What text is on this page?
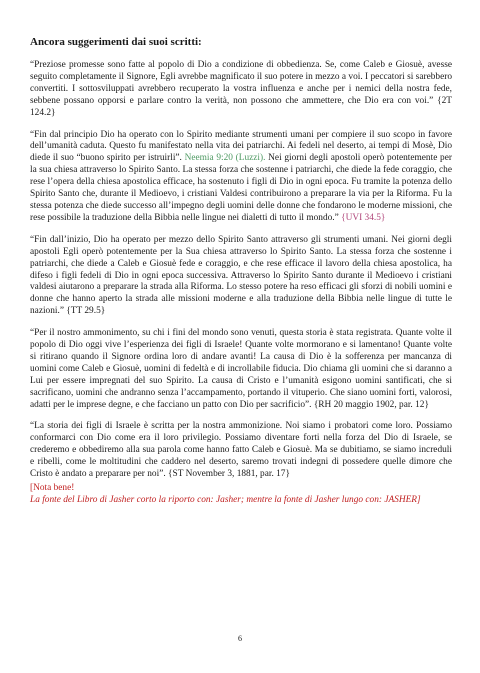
Ancora suggerimenti dai suoi scritti:

“Preziose promesse sono fatte al popolo di Dio a condizione di obbedienza. Se, come Caleb e Giosuè, avesse seguito completamente il Signore, Egli avrebbe magnificato il suo potere in mezzo a voi. I peccatori si sarebbero convertiti. I sottosviluppati avrebbero recuperato la vostra influenza e anche per i nemici della nostra fede, sebbene possano opporsi e parlare contro la verità, non possono che ammettere, che Dio era con voi.” {2T 124.2}

“Fin dal principio Dio ha operato con lo Spirito mediante strumenti umani per compiere il suo scopo in favore dell’umanità caduta. Questo fu manifestato nella vita dei patriarchi. Ai fedeli nel deserto, ai tempi di Mosè, Dio diede il suo “buono spirito per istruirli”. Neemia 9:20 (Luzzi). Nei giorni degli apostoli operò potentemente per la sua chiesa attraverso lo Spirito Santo. La stessa forza che sostenne i patriarchi, che diede la fede coraggio, che rese l’opera della chiesa apostolica efficace, ha sostenuto i figli di Dio in ogni epoca. Fu tramite la potenza dello Spirito Santo che, durante il Medioevo, i cristiani Valdesi contribuirono a preparare la via per la Riforma. Fu la stessa potenza che diede successo all’impegno degli uomini delle donne che fondarono le moderne missioni, che rese possibile la traduzione della Bibbia nelle lingue nei dialetti di tutto il mondo.” {UVI 34.5}

“Fin dall’inizio, Dio ha operato per mezzo dello Spirito Santo attraverso gli strumenti umani. Nei giorni degli apostoli Egli operò potentemente per la Sua chiesa attraverso lo Spirito Santo. La stessa forza che sostenne i patriarchi, che diede a Caleb e Giosuè fede e coraggio, e che rese efficace il lavoro della chiesa apostolica, ha difeso i figli fedeli di Dio in ogni epoca successiva. Attraverso lo Spirito Santo durante il Medioevo i cristiani valdesi aiutarono a preparare la strada alla Riforma. Lo stesso potere ha reso efficaci gli sforzi di nobili uomini e donne che hanno aperto la strada alle missioni moderne e alla traduzione della Bibbia nelle lingue di tutte le nazioni.” {TT 29.5}

“Per il nostro ammonimento, su chi i fini del mondo sono venuti, questa storia è stata registrata. Quante volte il popolo di Dio oggi vive l’esperienza dei figli di Israele! Quante volte mormorano e si lamentano! Quante volte si ritirano quando il Signore ordina loro di andare avanti! La causa di Dio è la sofferenza per mancanza di uomini come Caleb e Giosuè, uomini di fedeltà e di incrollabile fiducia. Dio chiama gli uomini che si daranno a Lui per essere impregnati del suo Spirito. La causa di Cristo e l’umanità esigono uomini santificati, che si sacrificano, uomini che andranno senza l’accampamento, portando il vituperio. Che siano uomini forti, valorosi, adatti per le imprese degne, e che facciano un patto con Dio per sacrificio”. {RH 20 maggio 1902, par. 12}

“La storia dei figli di Israele è scritta per la nostra ammonizione. Noi siamo i probatori come loro. Possiamo conformarci con Dio come era il loro privilegio. Possiamo diventare forti nella forza del Dio di Israele, se crederemo e obbediremo alla sua parola come hanno fatto Caleb e Giosuè. Ma se dubitiamo, se siamo increduli e ribelli, come le moltitudini che caddero nel deserto, saremo trovati indegni di possedere quelle dimore che Cristo è andato a preparare per noi”. {ST November 3, 1881, par. 17}

[Nota bene!

La fonte del Libro di Jasher corto la riporto con: Jasher; mentre la fonte di Jasher lungo con: JASHER]

6
